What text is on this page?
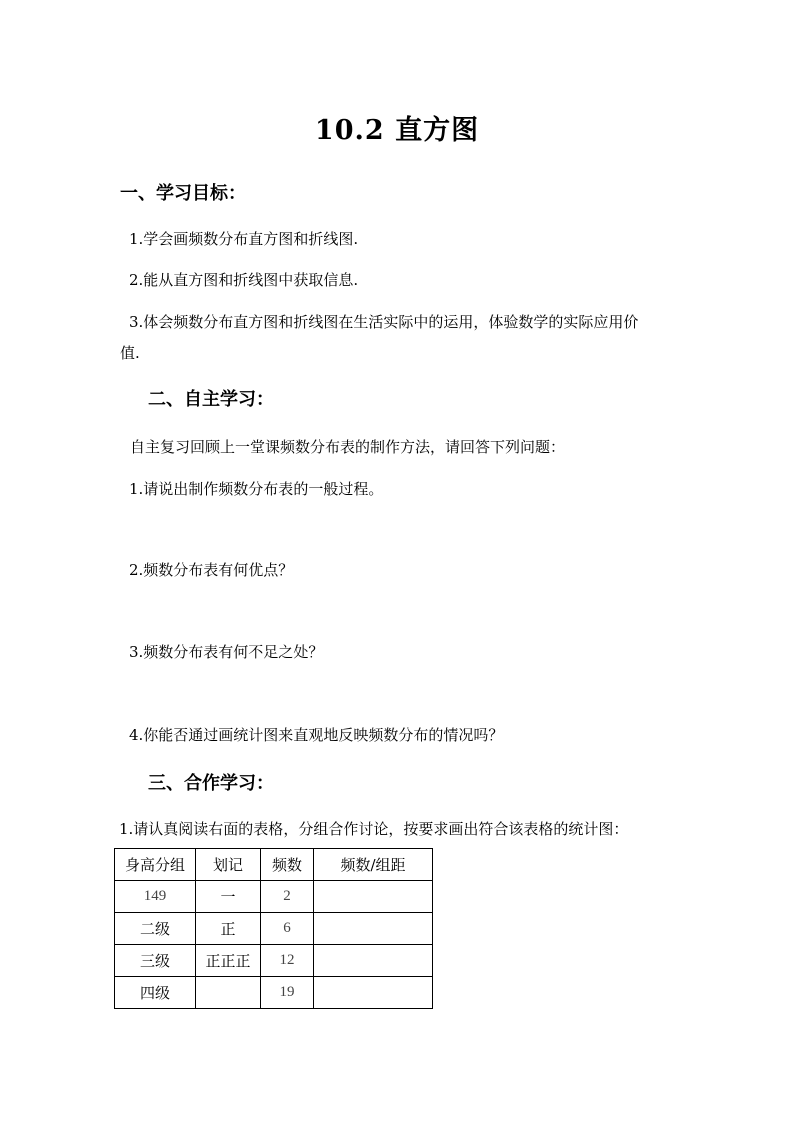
10.2 直方图
一、学习目标：
1.学会画频数分布直方图和折线图.
2.能从直方图和折线图中获取信息.
3.体会频数分布直方图和折线图在生活实际中的运用，体验数学的实际应用价
值.
二、自主学习：
自主复习回顾上一堂课频数分布表的制作方法，请回答下列问题：
1.请说出制作频数分布表的一般过程。
2.频数分布表有何优点？
3.频数分布表有何不足之处？
4.你能否通过画统计图来直观地反映频数分布的情况吗？
三、合作学习：
1.请认真阅读右面的表格，分组合作讨论，按要求画出符合该表格的统计图：
身高分组	划记	频数	频数/组距
149	一	2	
二级	正	6	
三级	正正正	12	
四级		19	
